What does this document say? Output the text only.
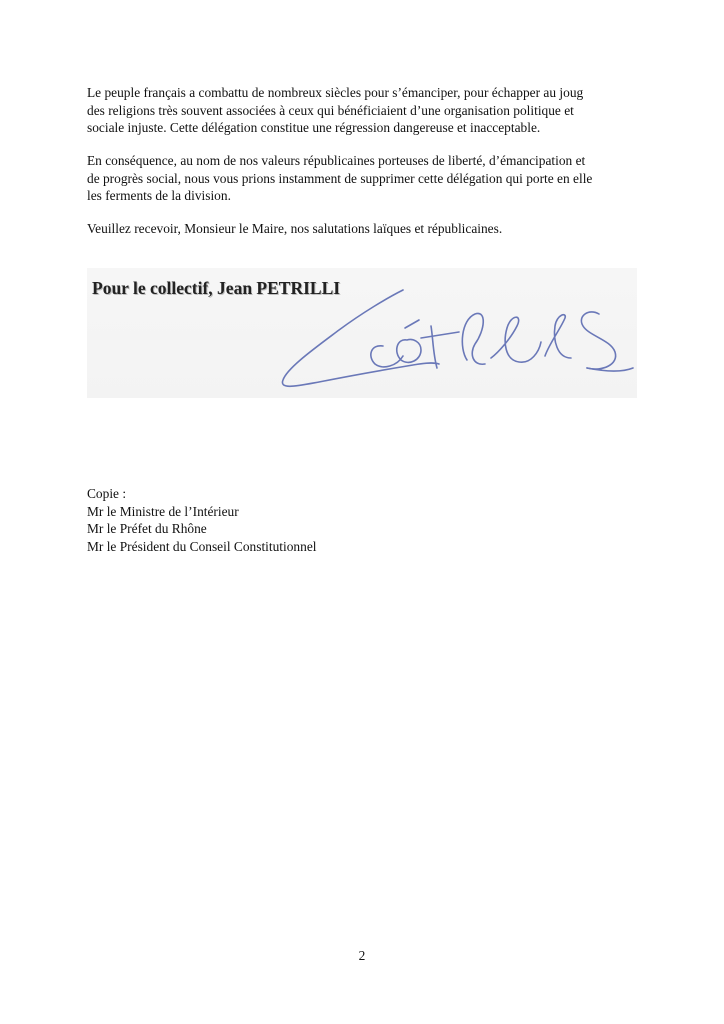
Le peuple français a combattu de nombreux siècles pour s’émanciper, pour échapper au joug
des religions très souvent associées à ceux qui bénéficiaient d’une organisation politique et
sociale injuste. Cette délégation constitue une régression dangereuse et inacceptable.

En conséquence, au nom de nos valeurs républicaines porteuses de liberté, d’émancipation et
de progrès social, nous vous prions instamment de supprimer cette délégation qui porte en elle
les ferments de la division.

Veuillez recevoir, Monsieur le Maire, nos salutations laïques et républicaines.

Pour le collectif, Jean PETRILLI
Copie :
Mr le Ministre de l’Intérieur
Mr le Préfet du Rhône
Mr le Président du Conseil Constitutionnel
2
